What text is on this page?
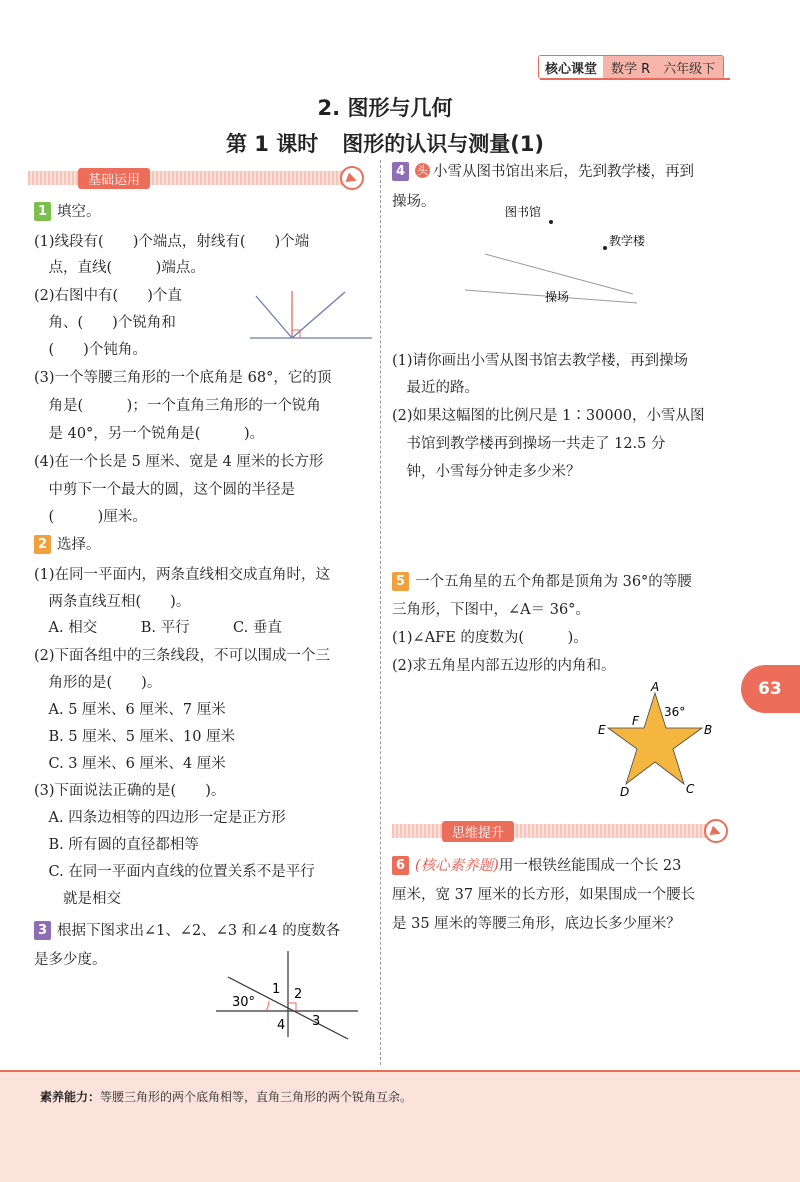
核心课堂	数学 R　六年级下
2. 图形与几何
第 1 课时 图形的认识与测量(1)
基础运用
1 填空。
(1)线段有(　　)个端点，射线有(　　)个端
　点，直线(　　　)端点。
(2)右图中有(　　)个直
　角、(　　)个锐角和
　(　　)个钝角。
(3)一个等腰三角形的一个底角是 68°，它的顶
　角是(　　　)；一个直角三角形的一个锐角
　是 40°，另一个锐角是(　　　)。
(4)在一个长是 5 厘米、宽是 4 厘米的长方形
　中剪下一个最大的圆，这个圆的半径是
　(　　　)厘米。
2 选择。
(1)在同一平面内，两条直线相交成直角时，这
　两条直线互相(　　)。
　A. 相交　　　B. 平行　　　C. 垂直
(2)下面各组中的三条线段，不可以围成一个三
　角形的是(　　)。
　A. 5 厘米、6 厘米、7 厘米
　B. 5 厘米、5 厘米、10 厘米
　C. 3 厘米、6 厘米、4 厘米
(3)下面说法正确的是(　　)。
　A. 四条边相等的四边形一定是正方形
　B. 所有圆的直径都相等
　C. 在同一平面内直线的位置关系不是平行
　　就是相交
3 根据下图求出∠1、∠2、∠3 和∠4 的度数各
是多少度。
30°
1 2
3
4
4 头 小雪从图书馆出来后，先到教学楼，再到
操场。
图书馆
教学楼
操场
(1)请你画出小雪从图书馆去教学楼，再到操场
　最近的路。
(2)如果这幅图的比例尺是 1∶30000，小雪从图
　书馆到教学楼再到操场一共走了 12.5 分
　钟，小雪每分钟走多少米？
5 一个五角星的五个角都是顶角为 36°的等腰
三角形，下图中，∠A＝ 36°。
(1)∠AFE 的度数为(　　　)。
(2)求五角星内部五边形的内角和。
A
B
C
D
E
F
36°
思维提升
6 (核心素养题)用一根铁丝能围成一个长 23
厘米，宽 37 厘米的长方形，如果围成一个腰长
是 35 厘米的等腰三角形，底边长多少厘米？
63
素养能力：等腰三角形的两个底角相等，直角三角形的两个锐角互余。
